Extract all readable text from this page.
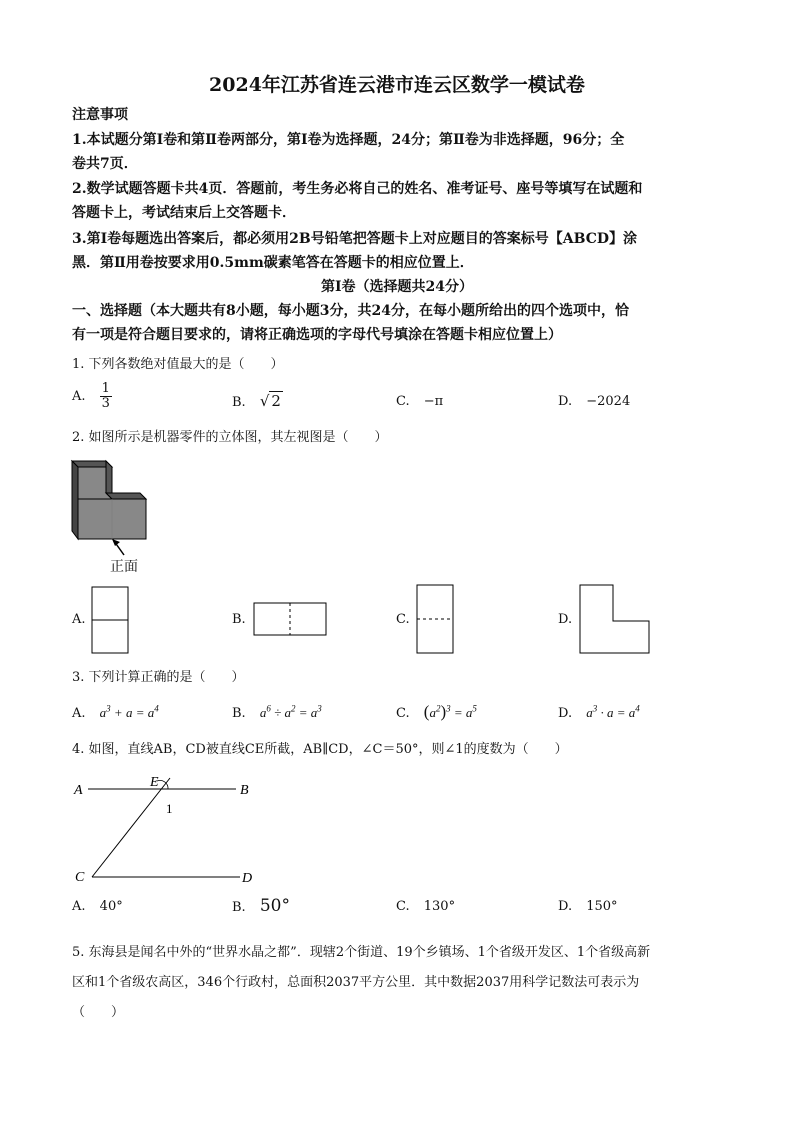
2024年江苏省连云港市连云区数学一模试卷
注意事项
1.本试题分第Ⅰ卷和第Ⅱ卷两部分，第Ⅰ卷为选择题，24分；第Ⅱ卷为非选择题，96分；全
卷共7页．
2.数学试题答题卡共4页．答题前，考生务必将自己的姓名、准考证号、座号等填写在试题和
答题卡上，考试结束后上交答题卡．
3.第Ⅰ卷每题选出答案后，都必须用2B号铅笔把答题卡上对应题目的答案标号【ABCD】涂
黑．第Ⅱ用卷按要求用0.5mm碳素笔答在答题卡的相应位置上．
第Ⅰ卷（选择题共24分）
一、选择题（本大题共有8小题，每小题3分，共24分，在每小题所给出的四个选项中，恰
有一项是符合题目要求的，请将正确选项的字母代号填涂在答题卡相应位置上）
1. 下列各数绝对值最大的是（　　）
A. $\frac{1}{3}$	B. √ 2	C. −π	D. −2024
2. 如图所示是机器零件的立体图，其左视图是（　　）
正面
A.	B.	C.	D.
3. 下列计算正确的是（　　）
A. $a^3 + a = a^4$	B. $a^6 \div a^2 = a^3$	C. $(a^2)^3 = a^5$	D. $a^3 \cdot a = a^4$
4. 如图，直线AB，CD被直线CE所截，AB∥CD，∠C＝50°，则∠1的度数为（　　）
A
E
B
1
C	D
A. 40°	B. 50°	C. 130°	D. 150°
5. 东海县是闻名中外的“世界水晶之都”．现辖2个街道、19个乡镇场、1个省级开发区、1个省级高新
区和1个省级农高区，346个行政村，总面积2037平方公里．其中数据2037用科学记数法可表示为
（　　）
